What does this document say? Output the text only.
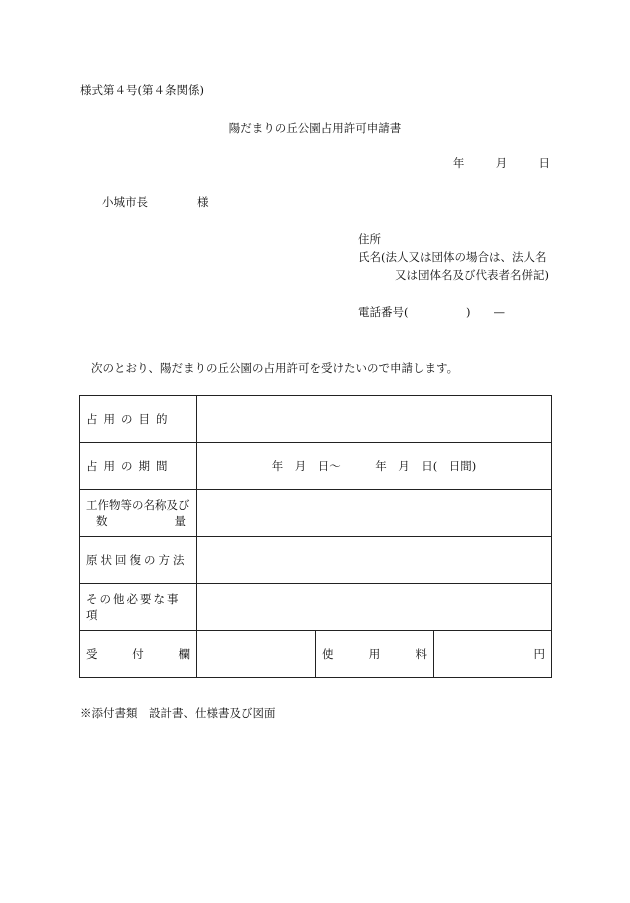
様式第４号(第４条関係)
陽だまりの丘公園占用許可申請書
年	月	日
小城市長	様
住所
氏名(法人又は団体の場合は、法人名
又は団体名及び代表者名併記)
電話番号(　　　　　)　　—
次のとおり、陽だまりの丘公園の占用許可を受けたいので申請します。
占用の目的			
占用の期間	年　月　日〜　　　年　月　日(　日間)		

工作物等の名称及び
数 量			

原状回復の方法			
その他必要な事項			

受 付 欄		使 用 料	円
※添付書類　設計書、仕様書及び図面
